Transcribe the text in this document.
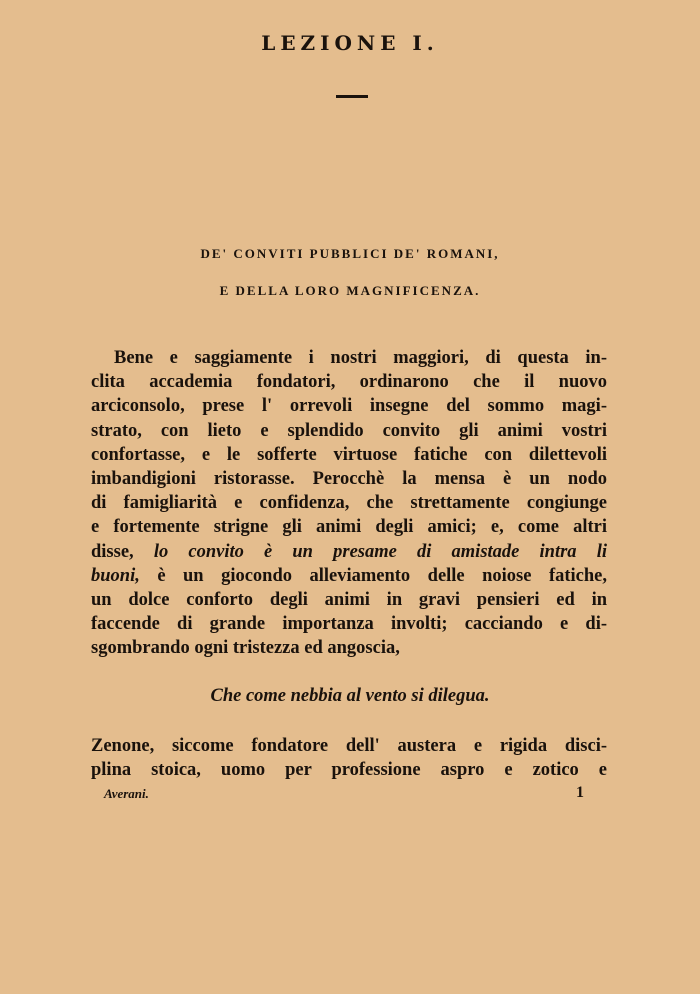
LEZIONE I.
DE' CONVITI PUBBLICI DE' ROMANI,
E DELLA LORO MAGNIFICENZA.
Bene e saggiamente i nostri maggiori, di questa in-
clita accademia fondatori, ordinarono che il nuovo
arciconsolo, prese l' orrevoli insegne del sommo magi-
strato, con lieto e splendido convito gli animi vostri
confortasse, e le sofferte virtuose fatiche con dilettevoli
imbandigioni ristorasse. Perocchè la mensa è un nodo
di famigliarità e confidenza, che strettamente congiunge
e fortemente strigne gli animi degli amici; e, come altri
disse, lo convito è un presame di amistade intra li
buoni, è un giocondo alleviamento delle noiose fatiche,
un dolce conforto degli animi in gravi pensieri ed in
faccende di grande importanza involti; cacciando e di-
sgombrando ogni tristezza ed angoscia,
Che come nebbia al vento si dilegua.
Zenone, siccome fondatore dell' austera e rigida disci-
plina stoica, uomo per professione aspro e zotico e
Averani.	1
